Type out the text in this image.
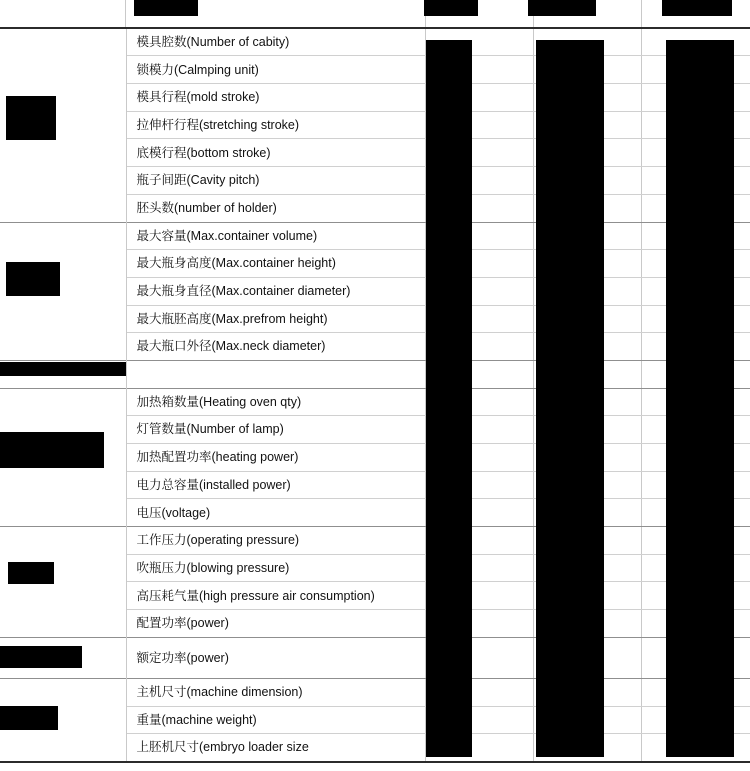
模具腔数(Number of cabity)			

锁模力(Calmping unit)			

模具行程(mold stroke)			

拉伸杆行程(stretching stroke)			

底模行程(bottom stroke)			

瓶子间距(Cavity pitch)			

胚头数(number of holder)			

最大容量(Max.container volume)			

最大瓶身高度(Max.container height)			

最大瓶身直径(Max.container diameter)			

最大瓶胚高度(Max.prefrom height)			

最大瓶口外径(Max.neck diameter)			

加热箱数量(Heating oven qty)			

灯管数量(Number of lamp)			

加热配置功率(heating power)			

电力总容量(installed power)			

电压(voltage)			

工作压力(operating pressure)			

吹瓶压力(blowing pressure)			

高压耗气量(high pressure air consumption)			

配置功率(power)			

额定功率(power)			

主机尺寸(machine dimension)			

重量(machine weight)			

上胚机尺寸(embryo loader size			
